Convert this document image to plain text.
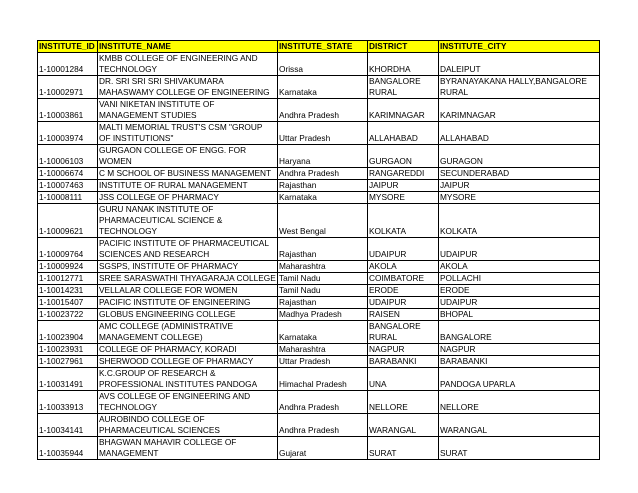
INSTITUTE_ID	INSTITUTE_NAME	INSTITUTE_STATE	DISTRICT	INSTITUTE_CITY
1-10001284	KMBB COLLEGE OF ENGINEERING AND TECHNOLOGY	Orissa	KHORDHA	DALEIPUT
1-10002971	DR. SRI SRI SRI SHIVAKUMARA MAHASWAMY COLLEGE OF ENGINEERING	Karnataka	BANGALORE RURAL	BYRANAYAKANA HALLY,BANGALORE RURAL
1-10003861	VANI NIKETAN INSTITUTE OF MANAGEMENT STUDIES	Andhra Pradesh	KARIMNAGAR	KARIMNAGAR
1-10003974	MALTI MEMORIAL TRUST'S CSM "GROUP OF INSTITUTIONS"	Uttar Pradesh	ALLAHABAD	ALLAHABAD
1-10006103	GURGAON COLLEGE OF ENGG. FOR WOMEN	Haryana	GURGAON	GURAGON
1-10006674	C M SCHOOL OF BUSINESS MANAGEMENT	Andhra Pradesh	RANGAREDDI	SECUNDERABAD
1-10007463	INSTITUTE OF RURAL MANAGEMENT	Rajasthan	JAIPUR	JAIPUR
1-10008111	JSS COLLEGE OF PHARMACY	Karnataka	MYSORE	MYSORE
1-10009621	GURU NANAK INSTITUTE OF PHARMACEUTICAL SCIENCE & TECHNOLOGY	West Bengal	KOLKATA	KOLKATA
1-10009764	PACIFIC INSTITUTE OF PHARMACEUTICAL SCIENCES AND RESEARCH	Rajasthan	UDAIPUR	UDAIPUR
1-10009924	SGSPS, INSTITUTE OF PHARMACY	Maharashtra	AKOLA	AKOLA
1-10012771	SREE SARASWATHI THYAGARAJA COLLEGE	Tamil Nadu	COIMBATORE	POLLACHI
1-10014231	VELLALAR COLLEGE FOR WOMEN	Tamil Nadu	ERODE	ERODE
1-10015407	PACIFIC INSTITUTE OF ENGINEERING	Rajasthan	UDAIPUR	UDAIPUR
1-10023722	GLOBUS ENGINEERING COLLEGE	Madhya Pradesh	RAISEN	BHOPAL
1-10023904	AMC COLLEGE (ADMINISTRATIVE MANAGEMENT COLLEGE)	Karnataka	BANGALORE RURAL	BANGALORE
1-10023931	COLLEGE OF PHARMACY, KORADI	Maharashtra	NAGPUR	NAGPUR
1-10027961	SHERWOOD COLLEGE OF PHARMACY	Uttar Pradesh	BARABANKI	BARABANKI
1-10031491	K.C.GROUP OF RESEARCH & PROFESSIONAL INSTITUTES PANDOGA	Himachal Pradesh	UNA	PANDOGA UPARLA
1-10033913	AVS COLLEGE OF ENGINEERING AND TECHNOLOGY	Andhra Pradesh	NELLORE	NELLORE
1-10034141	AUROBINDO COLLEGE OF PHARMACEUTICAL SCIENCES	Andhra Pradesh	WARANGAL	WARANGAL
1-10035944	BHAGWAN MAHAVIR COLLEGE OF MANAGEMENT	Gujarat	SURAT	SURAT
